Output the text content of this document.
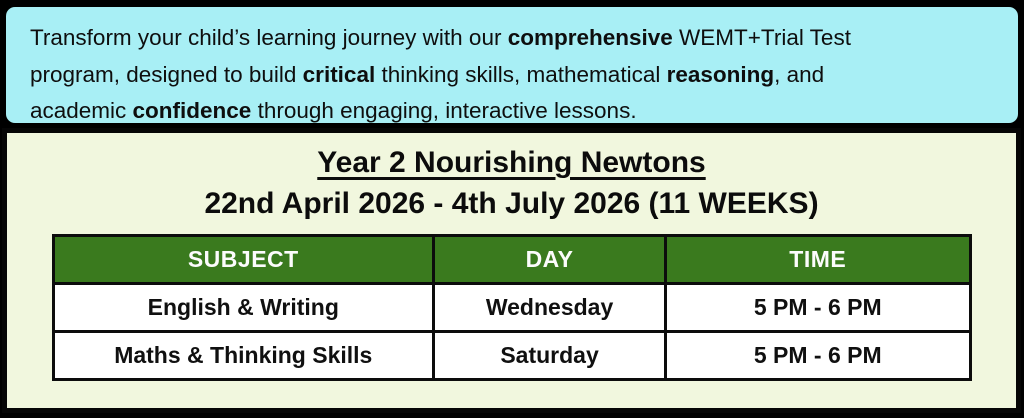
Transform your child’s learning journey with our comprehensive WEMT+Trial Test
program, designed to build critical thinking skills, mathematical reasoning, and
academic confidence through engaging, interactive lessons.
Year 2 Nourishing Newtons
22nd April 2026 - 4th July 2026 (11 WEEKS)
SUBJECT	DAY	TIME
English & Writing	Wednesday	5 PM - 6 PM
Maths & Thinking Skills	Saturday	5 PM - 6 PM
